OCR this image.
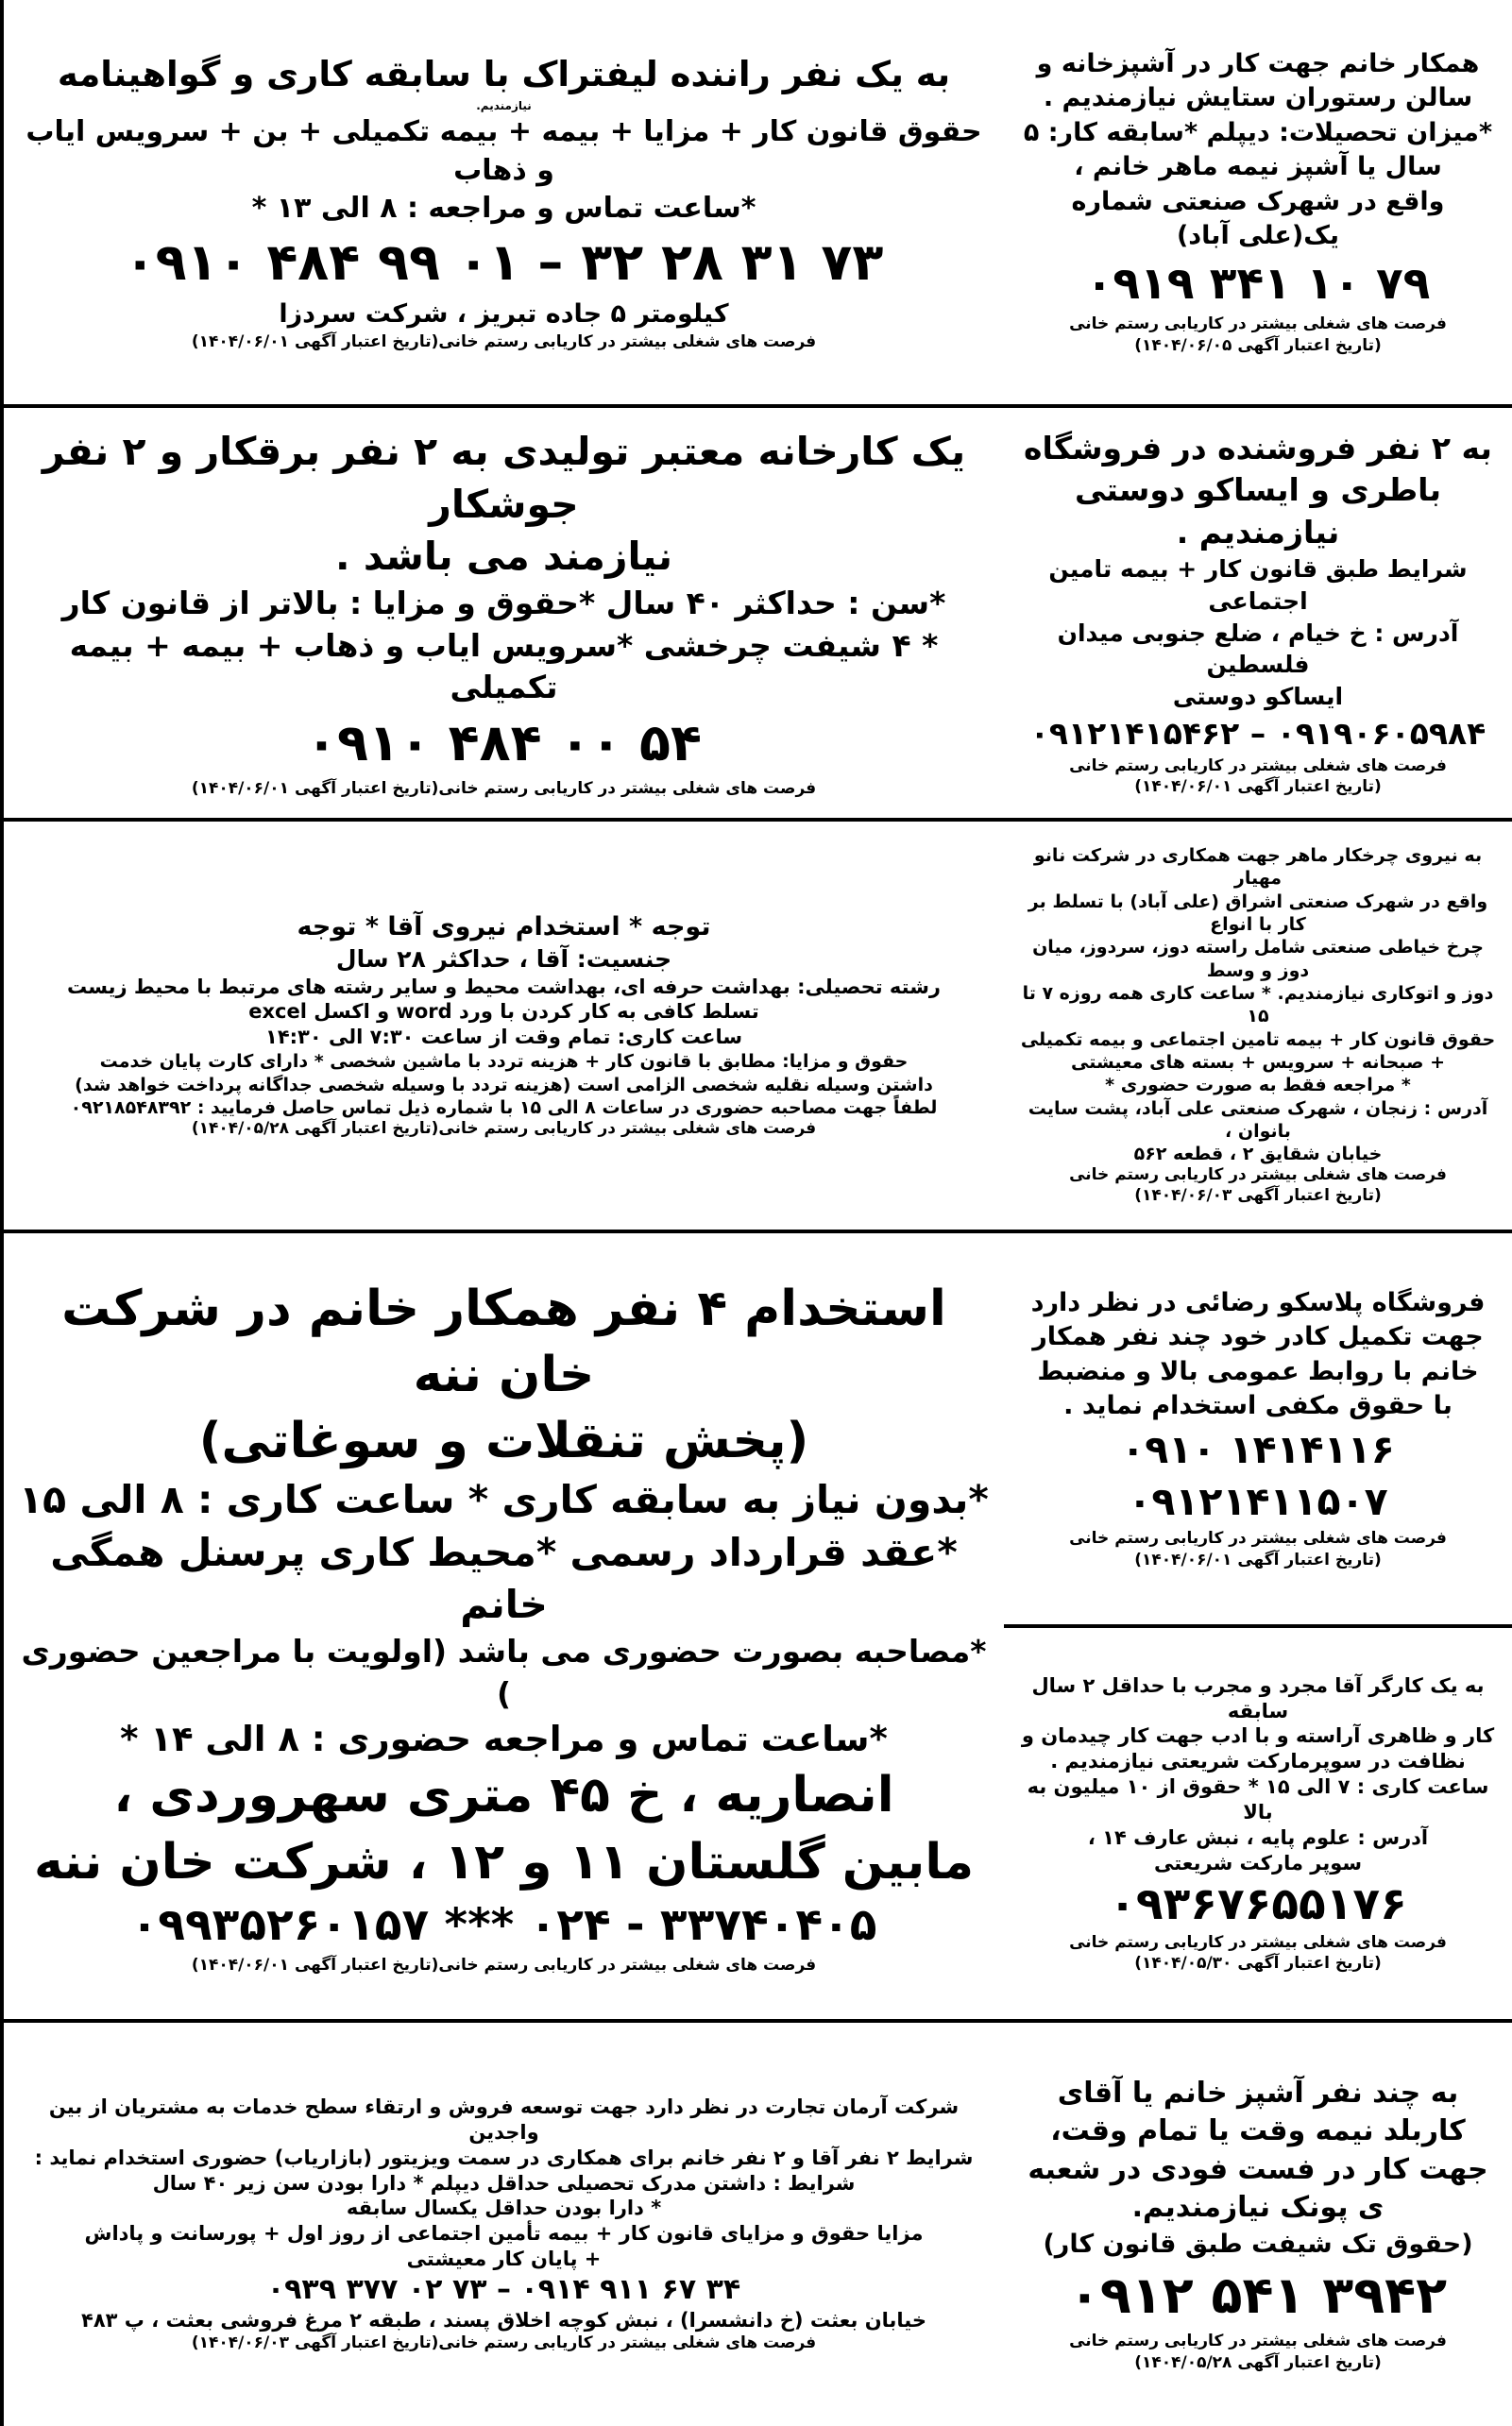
همکار خانم جهت کار در آشپزخانه و سالن رستوران ستایش نیازمندیم .

*میزان تحصیلات: دیپلم *سابقه کار: ۵ سال یا آشپز نیمه ماهر خانم ،

واقع در شهرک صنعتی شماره یک(علی آباد)

۰۹۱۹ ۳۴۱ ۱۰ ۷۹

فرصت های شغلی بیشتر در کاریابی رستم خانی

(تاریخ اعتبار آگهی ۱۴۰۴/۰۶/۰۵)

به ۲ نفر فروشنده در فروشگاه باطری و ایساکو دوستی نیازمندیم .

شرایط طبق قانون کار + بیمه تامین اجتماعی

آدرس : خ خیام ، ضلع جنوبی میدان فلسطین

ایساکو دوستی

۰۹۱۲۱۴۱۵۴۶۲ – ۰۹۱۹۰۶۰۵۹۸۴

فرصت های شغلی بیشتر در کاریابی رستم خانی

(تاریخ اعتبار آگهی ۱۴۰۴/۰۶/۰۱)

به نیروی چرخکار ماهر جهت همکاری در شرکت نانو مهیار

واقع در شهرک صنعتی اشراق (علی آباد) با تسلط بر کار با انواع

چرخ خیاطی صنعتی شامل راسته دوز، سردوز، میان دوز و وسط

دوز و اتوکاری نیازمندیم. * ساعت کاری همه روزه ۷ تا ۱۵

حقوق قانون کار + بیمه تامین اجتماعی و بیمه تکمیلی

+ صبحانه + سرویس + بسته های معیشتی

* مراجعه فقط به صورت حضوری *

آدرس : زنجان ، شهرک صنعتی علی آباد، پشت سایت بانوان ،

خیابان شقایق ۲ ، قطعه ۵۶۲

فرصت های شغلی بیشتر در کاریابی رستم خانی

(تاریخ اعتبار آگهی ۱۴۰۴/۰۶/۰۳)

فروشگاه پلاسکو رضائی در نظر دارد جهت تکمیل کادر خود چند نفر همکار خانم با روابط عمومی بالا و منضبط

با حقوق مکفی استخدام نماید .

۰۹۱۰ ۱۴۱۴۱۱۶

۰۹۱۲۱۴۱۱۵۰۷

فرصت های شغلی بیشتر در کاریابی رستم خانی

(تاریخ اعتبار آگهی ۱۴۰۴/۰۶/۰۱)

به یک کارگر آقا مجرد و مجرب با حداقل ۲ سال سابقه

کار و ظاهری آراسته و با ادب جهت کار چیدمان و

نظافت در سوپرمارکت شریعتی نیازمندیم .

ساعت کاری : ۷ الی ۱۵ * حقوق از ۱۰ میلیون به بالا

آدرس : علوم پایه ، نبش عارف ۱۴ ،

سوپر مارکت شریعتی

۰۹۳۶۷۶۵۵۱۷۶

فرصت های شغلی بیشتر در کاریابی رستم خانی

(تاریخ اعتبار آگهی ۱۴۰۴/۰۵/۳۰)

به چند نفر آشپز خانم یا آقای کاربلد نیمه وقت یا تمام وقت، جهت کار در فست فودی در شعبه ی پونک نیازمندیم.

(حقوق تک شیفت طبق قانون کار)

۰۹۱۲ ۵۴۱ ۳۹۴۲

فرصت های شغلی بیشتر در کاریابی رستم خانی

(تاریخ اعتبار آگهی ۱۴۰۴/۰۵/۲۸)

به یک نفر راننده لیفتراک با سابقه کاری و گواهینامه

نیازمندیم.

حقوق قانون کار + مزایا + بیمه + بیمه تکمیلی + بن + سرویس ایاب و ذهاب

*ساعت تماس و مراجعه : ۸ الی ۱۳ *

۰۹۱۰ ۴۸۴ ۹۹ ۰۱ – ۳۲ ۲۸ ۳۱ ۷۳

کیلومتر ۵ جاده تبریز ، شرکت سردزا

فرصت های شغلی بیشتر در کاریابی رستم خانی(تاریخ اعتبار آگهی ۱۴۰۴/۰۶/۰۱)

یک کارخانه معتبر تولیدی به ۲ نفر برقکار و ۲ نفر جوشکار

نیازمند می باشد .

*سن : حداکثر ۴۰ سال *حقوق و مزایا : بالاتر از قانون کار

* ۴ شیفت چرخشی *سرویس ایاب و ذهاب + بیمه + بیمه تکمیلی

۰۹۱۰ ۴۸۴ ۰۰ ۵۴

فرصت های شغلی بیشتر در کاریابی رستم خانی(تاریخ اعتبار آگهی ۱۴۰۴/۰۶/۰۱)

توجه * استخدام نیروی آقا * توجه

جنسیت: آقا ، حداکثر ۲۸ سال

رشته تحصیلی: بهداشت حرفه ای، بهداشت محیط و سایر رشته های مرتبط با محیط زیست

تسلط کافی به کار کردن با ورد word و اکسل excel

ساعت کاری: تمام وقت از ساعت ۷:۳۰ الی ۱۴:۳۰

حقوق و مزایا: مطابق با قانون کار + هزینه تردد با ماشین شخصی * دارای کارت پایان خدمت

داشتن وسیله نقلیه شخصی الزامی است (هزینه تردد با وسیله شخصی جداگانه پرداخت خواهد شد)

لطفاً جهت مصاحبه حضوری در ساعات ۸ الی ۱۵ با شماره ذیل تماس حاصل فرمایید : ۰۹۲۱۸۵۴۸۳۹۲

فرصت های شغلی بیشتر در کاریابی رستم خانی(تاریخ اعتبار آگهی ۱۴۰۴/۰۵/۲۸)

استخدام ۴ نفر همکار خانم در شرکت خان ننه

(پخش تنقلات و سوغاتی)

*بدون نیاز به سابقه کاری * ساعت کاری : ۸ الی ۱۵

*عقد قرارداد رسمی *محیط کاری پرسنل همگی خانم

*مصاحبه بصورت حضوری می باشد (اولویت با مراجعین حضوری )

*ساعت تماس و مراجعه حضوری : ۸ الی ۱۴ *

انصاریه ، خ ۴۵ متری سهروردی ،

مابین گلستان ۱۱ و ۱۲ ، شرکت خان ننه

۰۹۹۳۵۲۶۰۱۵۷ *** ۰۲۴ - ۳۳۷۴۰۴۰۵

فرصت های شغلی بیشتر در کاریابی رستم خانی(تاریخ اعتبار آگهی ۱۴۰۴/۰۶/۰۱)

شرکت آرمان تجارت در نظر دارد جهت توسعه فروش و ارتقاء سطح خدمات به مشتریان از بین واجدین

شرایط ۲ نفر آقا و ۲ نفر خانم برای همکاری در سمت ویزیتور (بازاریاب) حضوری استخدام نماید :

شرایط : داشتن مدرک تحصیلی حداقل دیپلم * دارا بودن سن زیر ۴۰ سال

* دارا بودن حداقل یکسال سابقه

مزایا حقوق و مزایای قانون کار + بیمه تأمین اجتماعی از روز اول + پورسانت و پاداش

+ پایان کار معیشتی

۰۹۳۹ ۳۷۷ ۰۲ ۷۳ – ۰۹۱۴ ۹۱۱ ۶۷ ۳۴

خیابان بعثت (خ دانشسرا) ، نبش کوچه اخلاق پسند ، طبقه ۲ مرغ فروشی بعثت ، پ ۴۸۳

فرصت های شغلی بیشتر در کاریابی رستم خانی(تاریخ اعتبار آگهی ۱۴۰۴/۰۶/۰۳)
